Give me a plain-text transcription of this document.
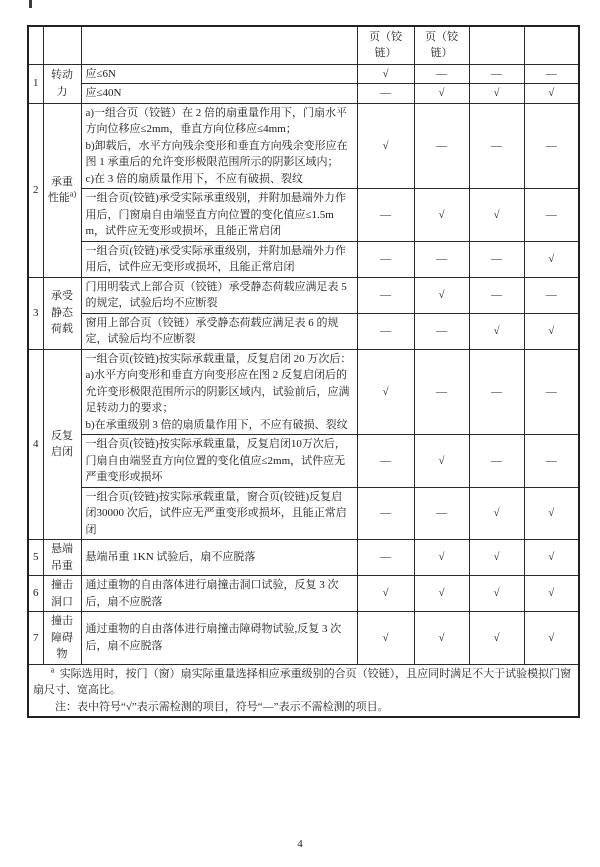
			页（铰链）	页（铰链）		
1	转动力	应≤6N	√	—	—	—

		应≤40N	—	√	√	√
2	承重性能$^{a)}$	a)一组合页（铰链）在 2 倍的扇重量作用下，门扇水平方向位移应≤2mm，垂直方向位移应≤4mm；
b)卸载后，水平方向残余变形和垂直方向残余变形应在图 1 承重后的允许变形极限范围所示的阴影区域内；
c)在 3 倍的扇质量作用下，不应有破损、裂纹	√	—	—	—

		一组合页(铰链)承受实际承重级别，并附加悬端外力作用后，门窗扇自由端竖直方向位置的变化值应≤1.5mm，试件应无变形或损坏，且能正常启闭	—	√	√	—

		一组合页(铰链)承受实际承重级别，并附加悬端外力作用后，试件应无变形或损坏，且能正常启闭	—	—	—	√
3	承受静态荷载	门用明装式上部合页（铰链）承受静态荷载应满足表 5 的规定，试验后均不应断裂	—	√	—	—

		窗用上部合页（铰链）承受静态荷载应满足表 6 的规定，试验后均不应断裂	—	—	√	√
4	反复启闭	一组合页(铰链)按实际承载重量，反复启闭 20 万次后：
a)水平方向变形和垂直方向变形应在图 2 反复启闭后的允许变形极限范围所示的阴影区域内，试验前后，应满足转动力的要求；
b)在承重级别 3 倍的扇质量作用下，不应有破损、裂纹	√	—	—	—

		一组合页(铰链)按实际承载重量，反复启闭10万次后，门扇自由端竖直方向位置的变化值应≤2mm，试件应无严重变形或损坏	—	√	—	—

		一组合页(铰链)按实际承载重量，窗合页(铰链)反复启闭30000 次后，试件应无严重变形或损坏，且能正常启闭	—	—	√	√
5	悬端吊重	悬端吊重 1KN 试验后，扇不应脱落	—	√	√	√
6	撞击洞口	通过重物的自由落体进行扇撞击洞口试验，反复 3 次后，扇不应脱落	√	√	√	√
7	撞击障碍物	通过重物的自由落体进行扇撞击障碍物试验,反复 3 次后，扇不应脱落	√	√	√	√

$^a$ 实际选用时，按门（窗）扇实际重量选择相应承重级别的合页（铰链），且应同时满足不大于试验模拟门窗扇尺寸、宽高比。

注：表中符号“√”表示需检测的项目，符号“—”表示不需检测的项目。						

4
